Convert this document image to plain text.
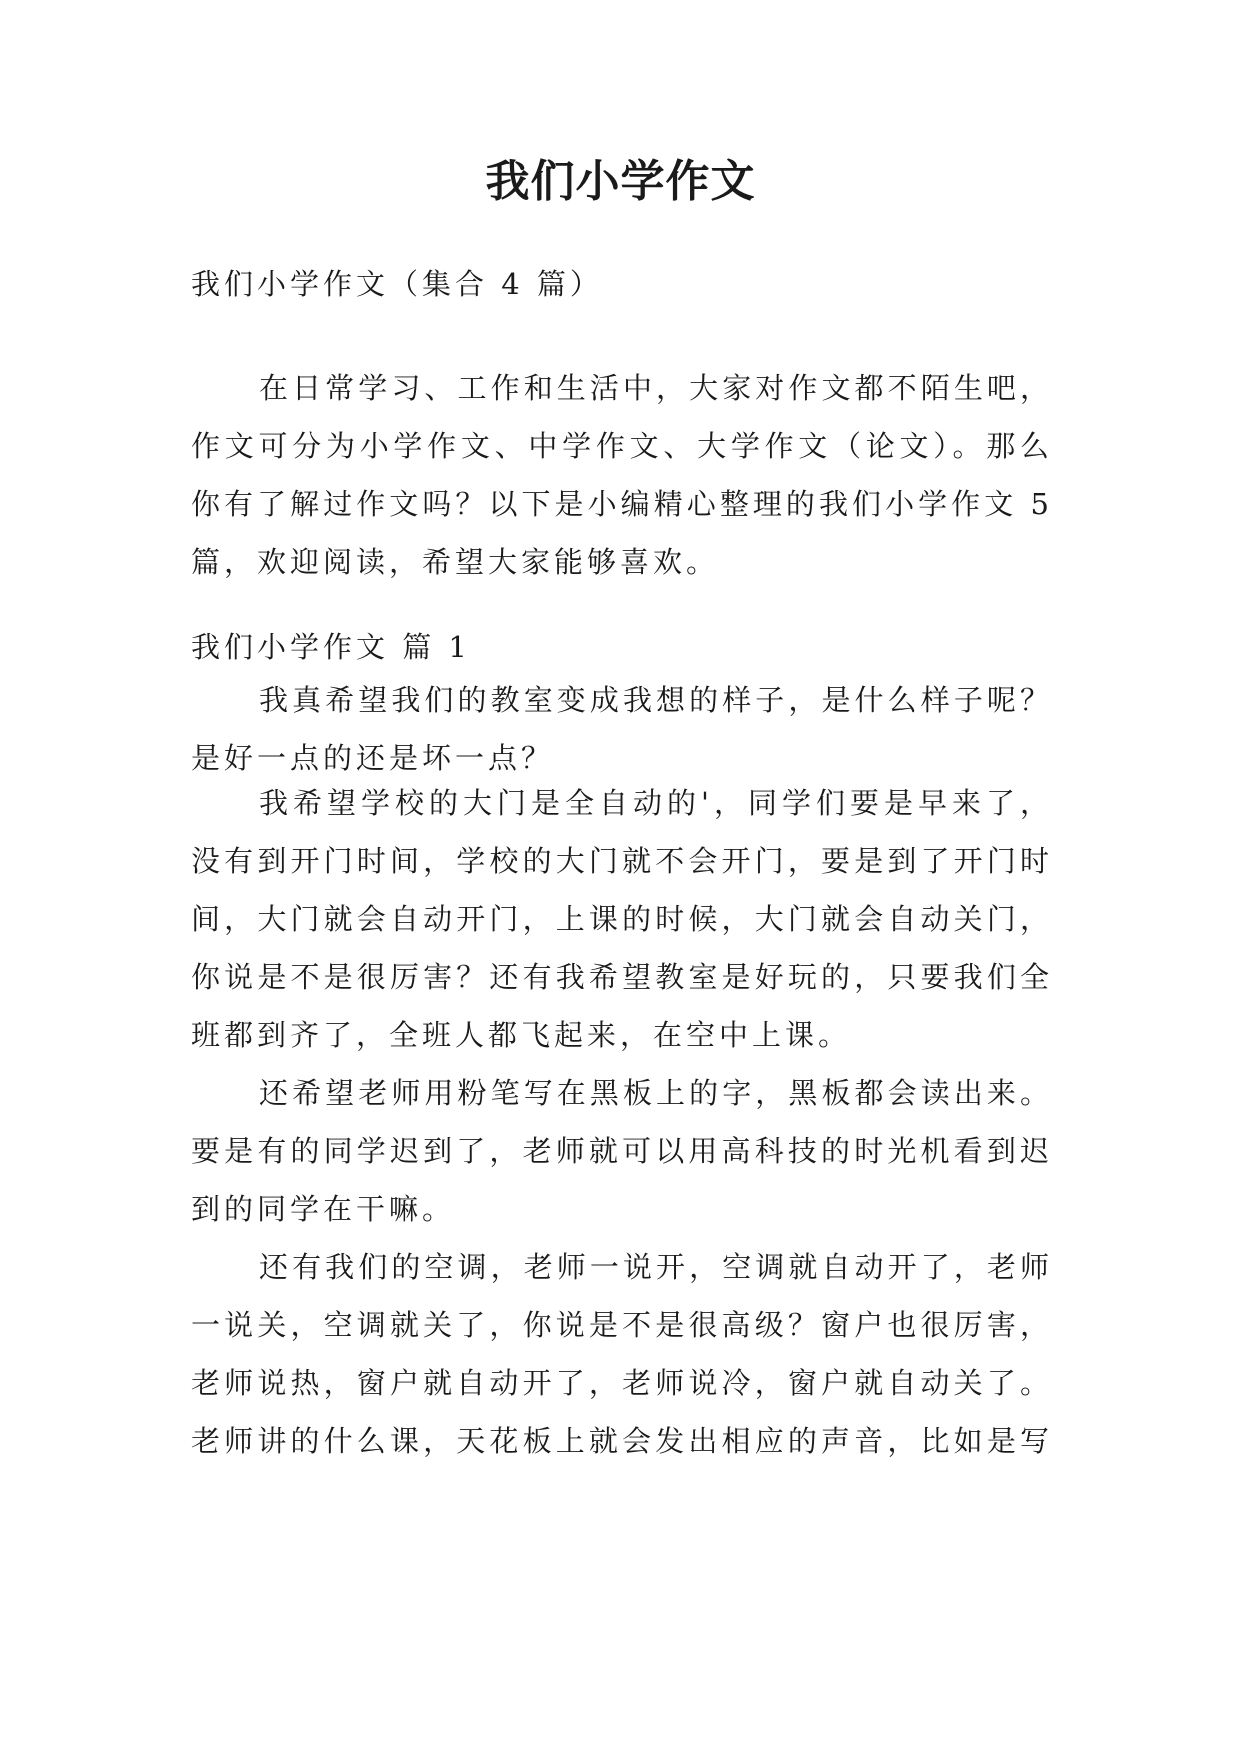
我们小学作文

我们小学作文（集合 4 篇）

在日常学习、工作和生活中，大家对作文都不陌生吧，
作文可分为小学作文、中学作文、大学作文（论文）。那么
你有了解过作文吗？以下是小编精心整理的我们小学作文 5
篇，欢迎阅读，希望大家能够喜欢。

我们小学作文 篇 1

我真希望我们的教室变成我想的样子，是什么样子呢？
是好一点的还是坏一点？
我希望学校的大门是全自动的'，同学们要是早来了，
没有到开门时间，学校的大门就不会开门，要是到了开门时
间，大门就会自动开门，上课的时候，大门就会自动关门，
你说是不是很厉害？还有我希望教室是好玩的，只要我们全
班都到齐了，全班人都飞起来，在空中上课。
还希望老师用粉笔写在黑板上的字，黑板都会读出来。
要是有的同学迟到了，老师就可以用高科技的时光机看到迟
到的同学在干嘛。
还有我们的空调，老师一说开，空调就自动开了，老师
一说关，空调就关了，你说是不是很高级？窗户也很厉害，
老师说热，窗户就自动开了，老师说冷，窗户就自动关了。
老师讲的什么课，天花板上就会发出相应的声音，比如是写
